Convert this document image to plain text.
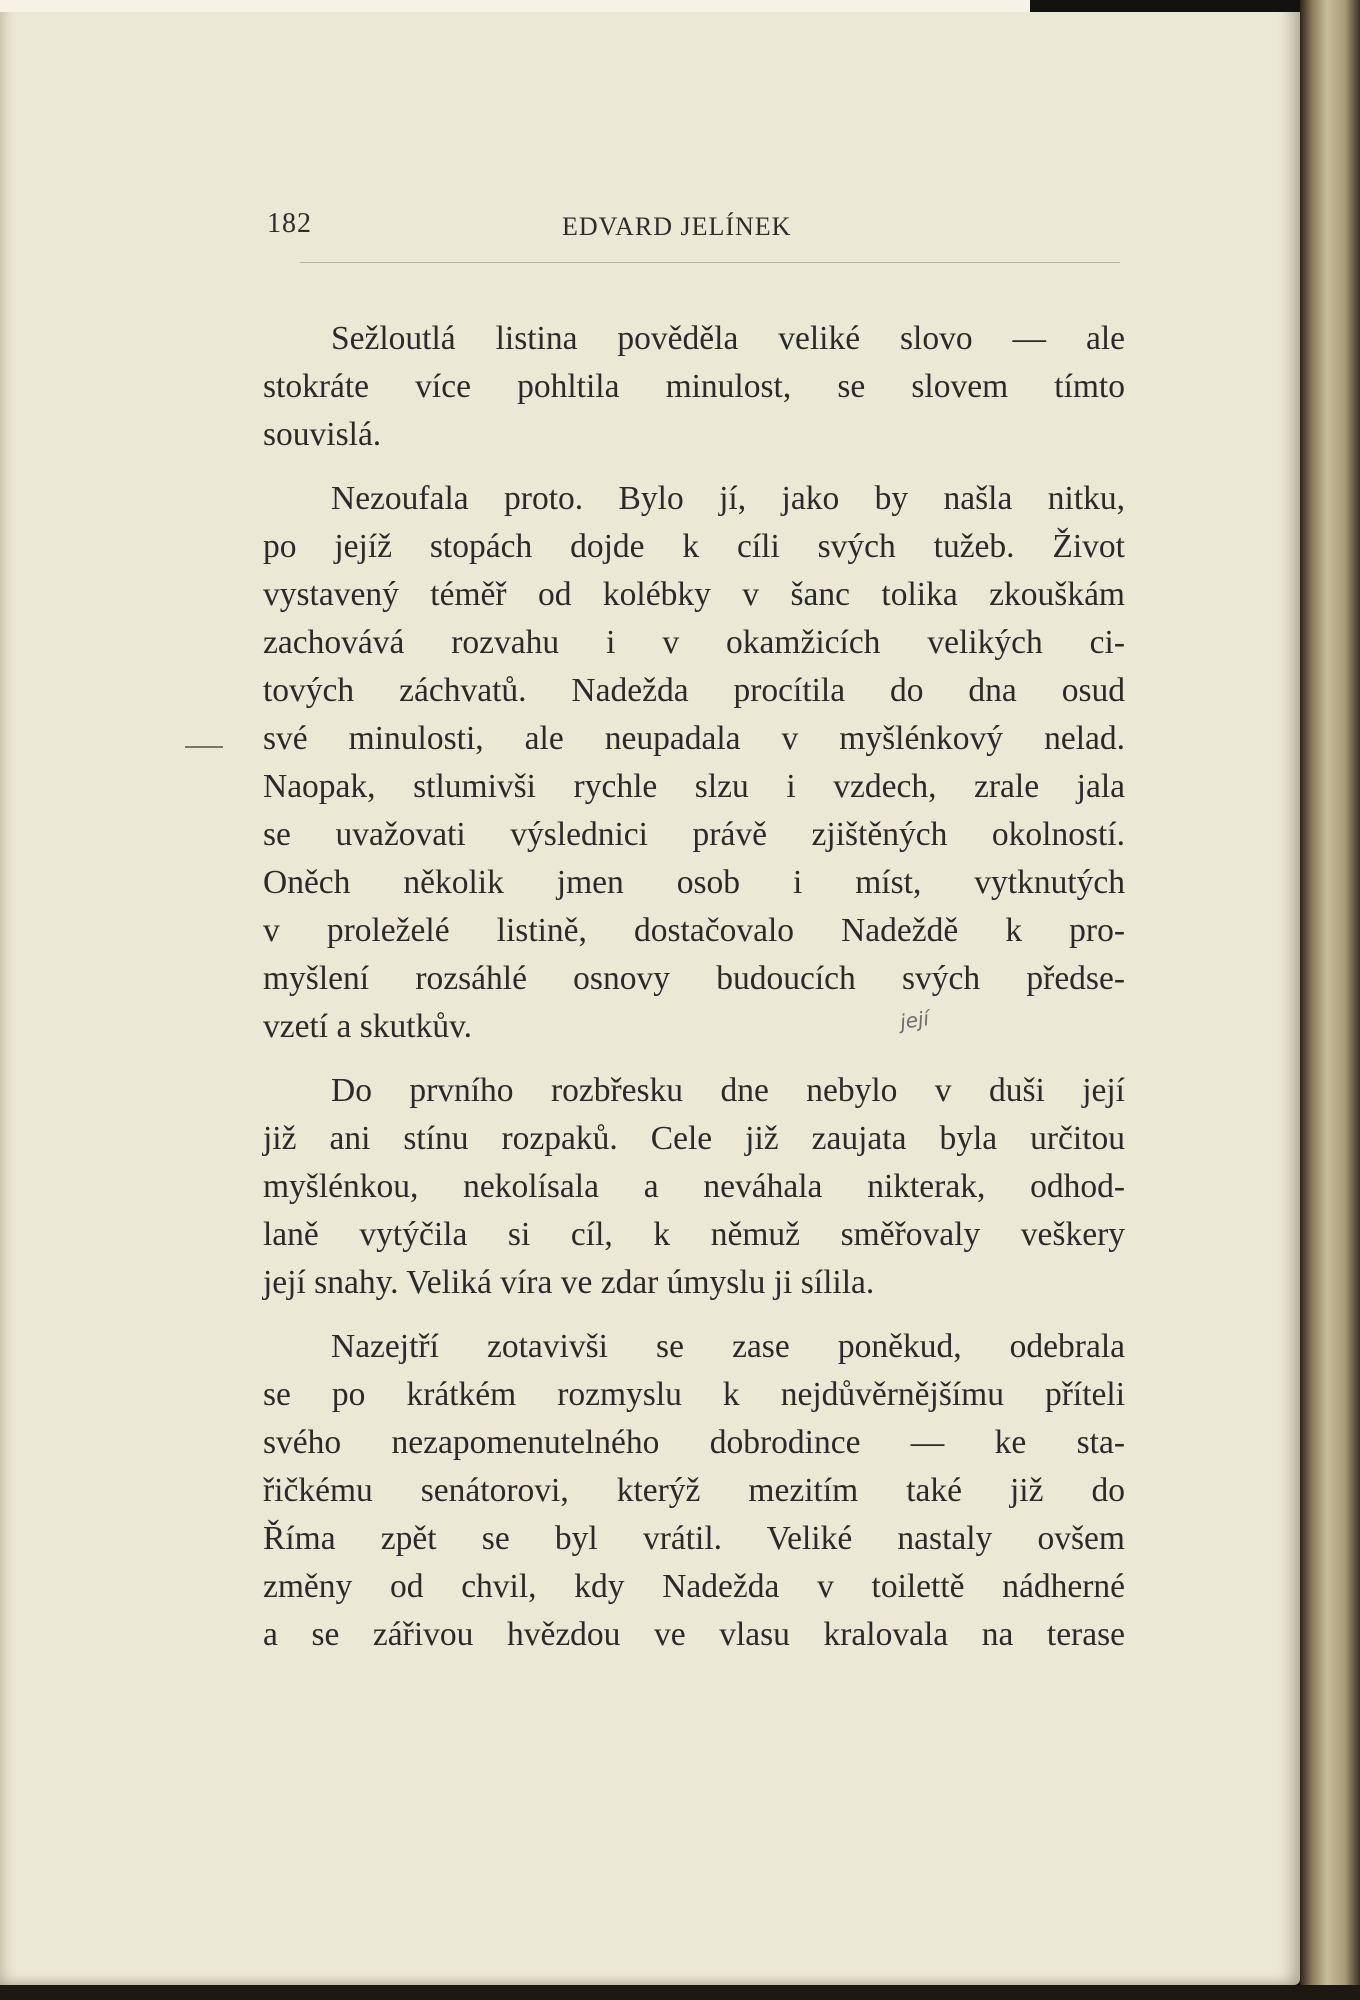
182	EDVARD JELÍNEK
Sežloutlá listina pověděla veliké slovo — ale
stokráte více pohltila minulost, se slovem tímto
souvislá.
Nezoufala proto. Bylo jí, jako by našla nitku,
po jejíž stopách dojde k cíli svých tužeb. Život
vystavený téměř od kolébky v šanc tolika zkouškám
zachovává rozvahu i v okamžicích velikých ci-
tových záchvatů. Nadežda procítila do dna osud
své minulosti, ale neupadala v myšlénkový nelad.
Naopak, stlumivši rychle slzu i vzdech, zrale jala
se uvažovati výslednici právě zjištěných okolností.
Oněch několik jmen osob i míst, vytknutých
v proleželé listině, dostačovalo Nadeždě k pro-
myšlení rozsáhlé osnovy budoucích svých předse-
vzetí a skutkův.
Do prvního rozbřesku dne nebylo v duši její
již ani stínu rozpaků. Cele již zaujata byla určitou
myšlénkou, nekolísala a neváhala nikterak, odhod-
laně vytýčila si cíl, k němuž směřovaly veškery
její snahy. Veliká víra ve zdar úmyslu ji sílila.
Nazejtří zotavivši se zase poněkud, odebrala
se po krátkém rozmyslu k nejdůvěrnějšímu příteli
svého nezapomenutelného dobrodince — ke sta-
řičkému senátorovi, kterýž mezitím také již do
Říma zpět se byl vrátil. Veliké nastaly ovšem
změny od chvil, kdy Nadežda v toilettě nádherné
a se zářivou hvězdou ve vlasu kralovala na terase
její
